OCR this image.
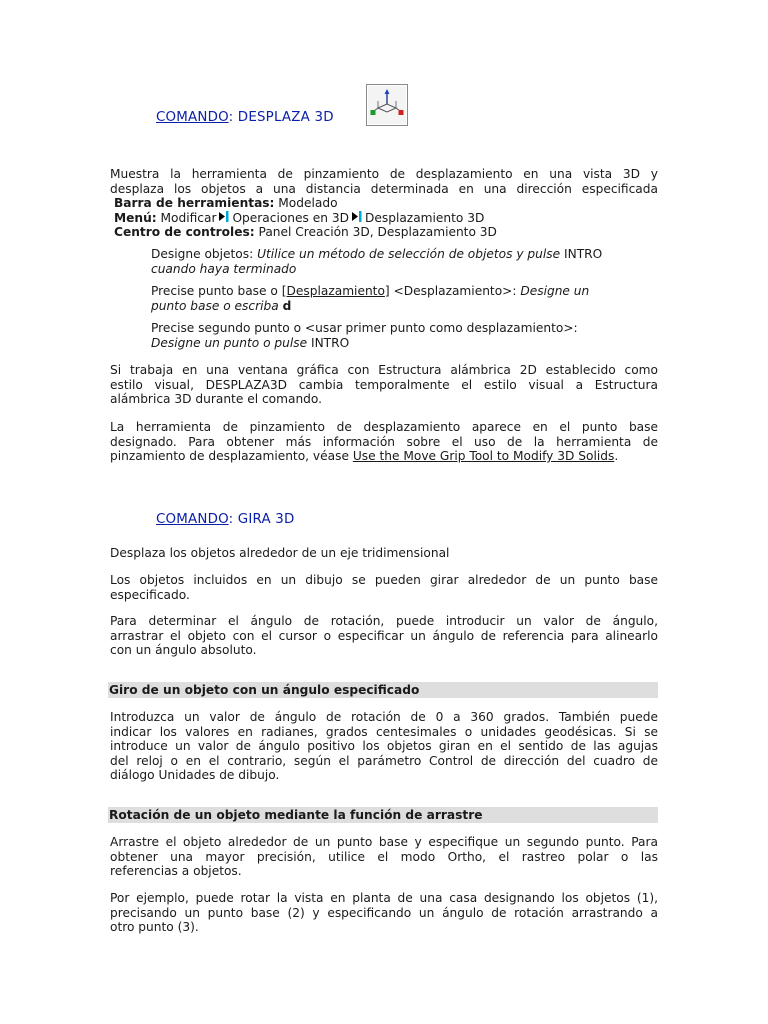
COMANDO: DESPLAZA 3D
Muestra la herramienta de pinzamiento de desplazamiento en una vista 3D y
desplaza los objetos a una distancia determinada en una dirección especificada
Barra de herramientas: Modelado
Menú: Modificar Operaciones en 3D Desplazamiento 3D
Centro de controles: Panel Creación 3D, Desplazamiento 3D
Designe objetos: Utilice un método de selección de objetos y pulse INTRO
cuando haya terminado
Precise punto base o [Desplazamiento] <Desplazamiento>: Designe un
punto base o escriba d
Precise segundo punto o <usar primer punto como desplazamiento>:
Designe un punto o pulse INTRO
Si trabaja en una ventana gráfica con Estructura alámbrica 2D establecido como
estilo visual, DESPLAZA3D cambia temporalmente el estilo visual a Estructura
alámbrica 3D durante el comando.
La herramienta de pinzamiento de desplazamiento aparece en el punto base
designado. Para obtener más información sobre el uso de la herramienta de
pinzamiento de desplazamiento, véase Use the Move Grip Tool to Modify 3D Solids.
COMANDO: GIRA 3D
Desplaza los objetos alrededor de un eje tridimensional
Los objetos incluidos en un dibujo se pueden girar alrededor de un punto base
especificado.
Para determinar el ángulo de rotación, puede introducir un valor de ángulo,
arrastrar el objeto con el cursor o especificar un ángulo de referencia para alinearlo
con un ángulo absoluto.
Giro de un objeto con un ángulo especificado
Introduzca un valor de ángulo de rotación de 0 a 360 grados. También puede
indicar los valores en radianes, grados centesimales o unidades geodésicas. Si se
introduce un valor de ángulo positivo los objetos giran en el sentido de las agujas
del reloj o en el contrario, según el parámetro Control de dirección del cuadro de
diálogo Unidades de dibujo.
Rotación de un objeto mediante la función de arrastre
Arrastre el objeto alrededor de un punto base y especifique un segundo punto. Para
obtener una mayor precisión, utilice el modo Ortho, el rastreo polar o las
referencias a objetos.
Por ejemplo, puede rotar la vista en planta de una casa designando los objetos (1),
precisando un punto base (2) y especificando un ángulo de rotación arrastrando a
otro punto (3).
